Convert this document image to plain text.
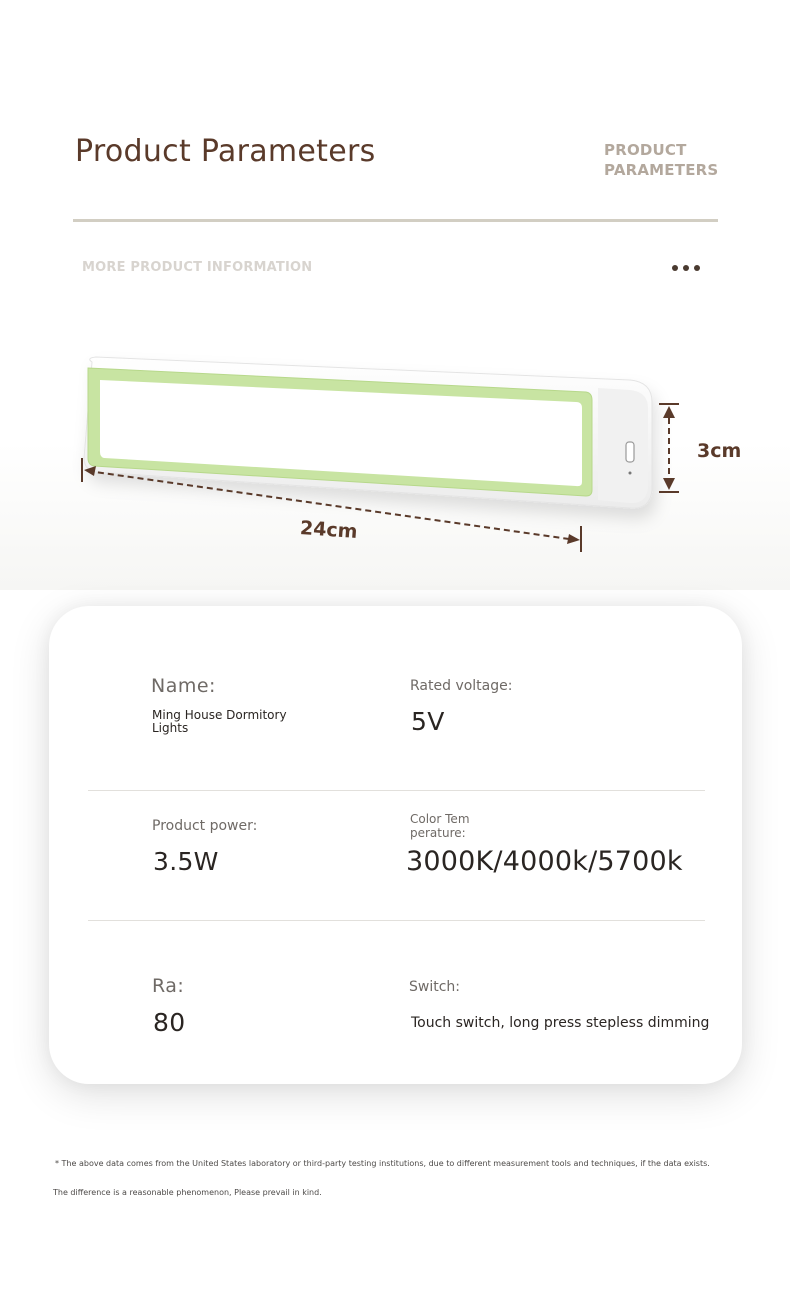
Product Parameters	PRODUCT
PARAMETERS
MORE PRODUCT INFORMATION
24cm
3cm
Name:
Ming House Dormitory Lights
Rated voltage:
5V
Product power:
3.5W
Color Tem perature:
3000K/4000k/5700k
Ra:
80
Switch:
Touch switch, long press stepless dimming
* The above data comes from the United States laboratory or third-party testing institutions, due to different measurement tools and techniques, if the data exists.
The difference is a reasonable phenomenon, Please prevail in kind.
